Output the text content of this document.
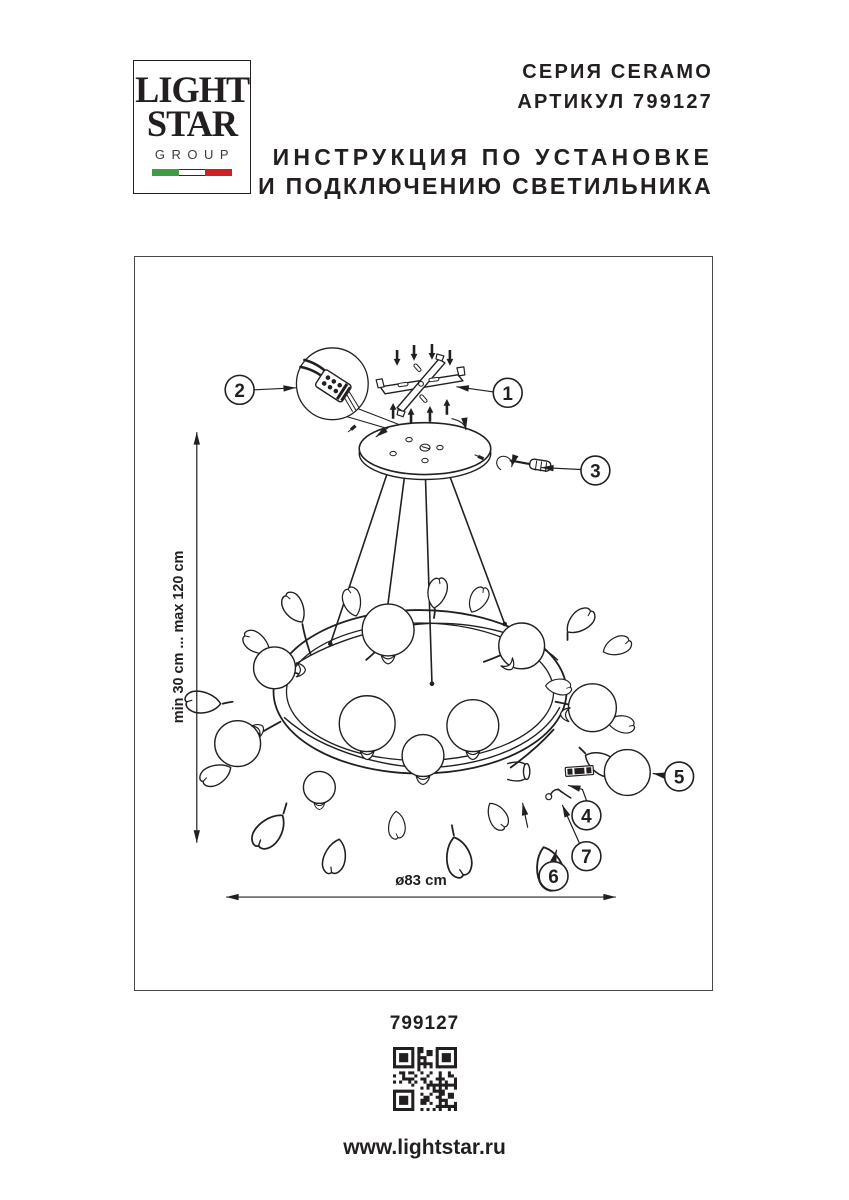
LIGHT
STAR
GROUP
СЕРИЯ CERAMO
АРТИКУЛ 799127
ИНСТРУКЦИЯ ПО УСТАНОВКЕ
И ПОДКЛЮЧЕНИЮ СВЕТИЛЬНИКА
1
2
3
4
5
6
7
min 30 cm ... max 120 cm
ø83 cm
799127
www.lightstar.ru
